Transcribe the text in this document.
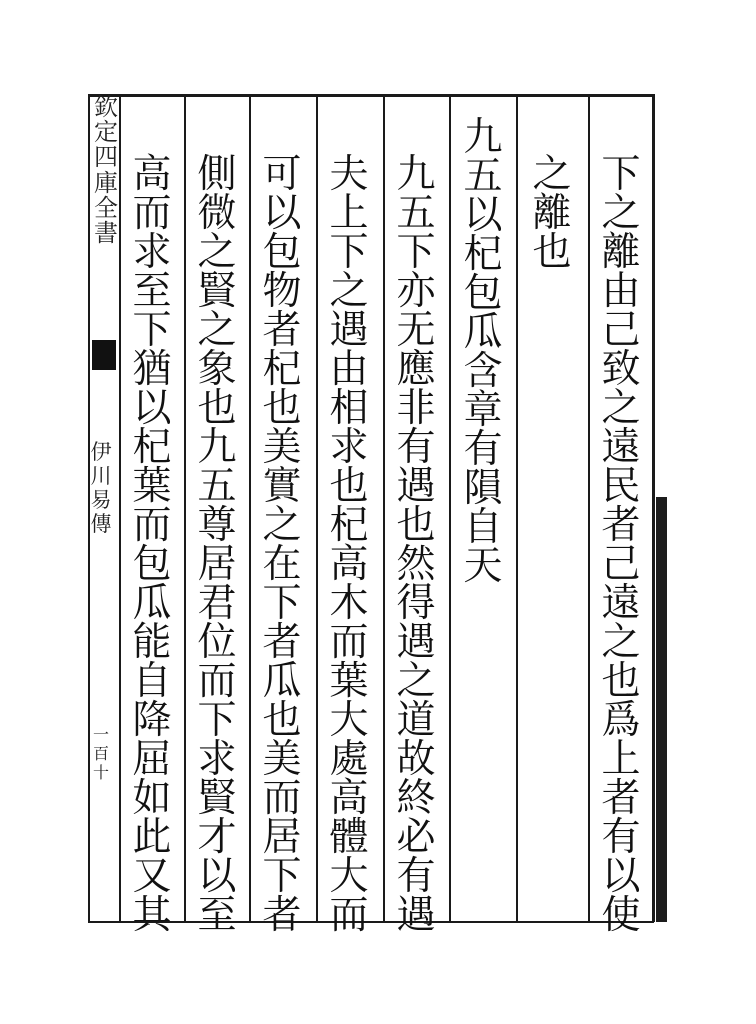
欽
定
四
庫
全
書
伊
川
易
傳
一百十
下
之
離
由
己
致
之
遠
民
者
己
遠
之
也
爲
上
者
有
以
使
之
離
也
九
五
以
杞
包
瓜
含
章
有
隕
自
天
九
五
下
亦
无
應
非
有
遇
也
然
得
遇
之
道
故
終
必
有
遇
夫
上
下
之
遇
由
相
求
也
杞
高
木
而
葉
大
處
高
體
大
而
可
以
包
物
者
杞
也
美
實
之
在
下
者
瓜
也
美
而
居
下
者
側
微
之
賢
之
象
也
九
五
尊
居
君
位
而
下
求
賢
才
以
至
高
而
求
至
下
猶
以
杞
葉
而
包
瓜
能
自
降
屈
如
此
又
其
